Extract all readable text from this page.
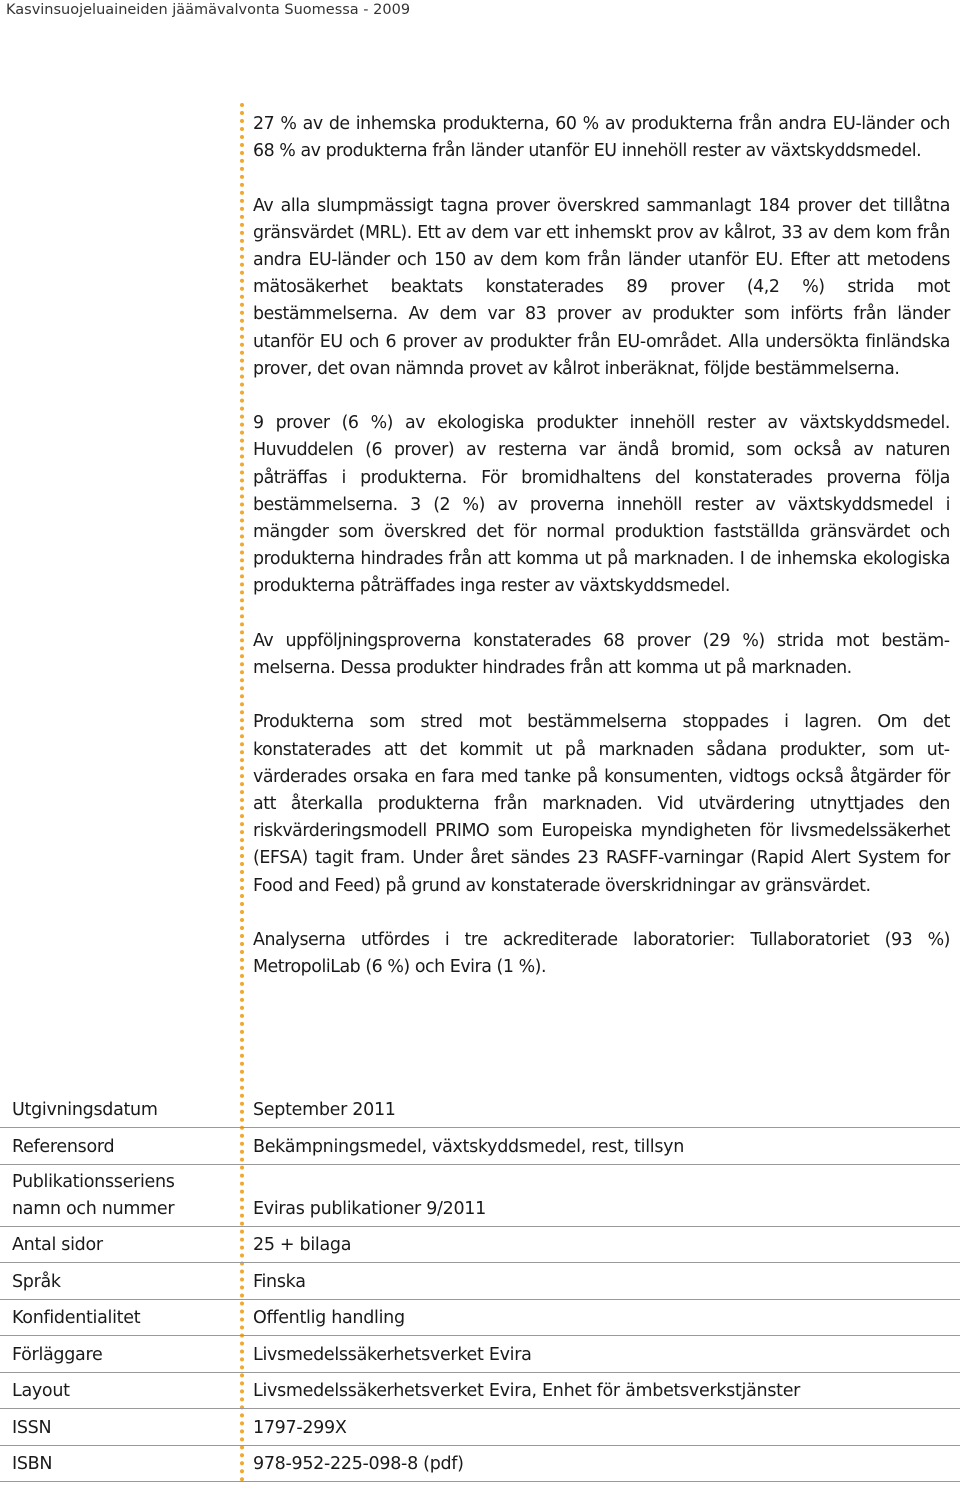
Kasvinsuojeluaineiden jäämävalvonta Suomessa - 2009

27 % av de inhemska produkterna, 60 % av produkterna från andra EU-länder och 68 % av produkterna från länder utanför EU innehöll rester av växtskyddsmedel.

Av alla slumpmässigt tagna prover överskred sammanlagt 184 prover det tillåtna gränsvärdet (MRL). Ett av dem var ett inhemskt prov av kålrot, 33 av dem kom från andra EU-länder och 150 av dem kom från länder utanför EU. Efter att metodens mätosäkerhet beaktats konstaterades 89 prover (4,2 %) strida mot bestämmelserna. Av dem var 83 prover av produkter som införts från länder utanför EU och 6 prover av produkter från EU-området. Alla undersökta finländska prover, det ovan nämnda provet av kålrot inberäknat, följde bestämmelserna.

9 prover (6 %) av ekologiska produkter innehöll rester av växtskyddsmedel. Huvuddelen (6 prover) av resterna var ändå bromid, som också av naturen påträffas i produkterna. För bromidhaltens del konstaterades proverna följa bestämmelserna. 3 (2 %) av proverna innehöll rester av växtskyddsmedel i mängder som överskred det för normal produktion fastställda gränsvärdet och produkterna hindrades från att komma ut på marknaden. I de inhemska ekologiska produkterna påträffades inga rester av växtskyddsmedel.

Av uppföljningsproverna konstaterades 68 prover (29 %) strida mot bestämmelserna. Dessa produkter hindrades från att komma ut på marknaden.

Produkterna som stred mot bestämmelserna stoppades i lagren. Om det konstaterades att det kommit ut på marknaden sådana produkter, som utvärderades orsaka en fara med tanke på konsumenten, vidtogs också åtgärder för att återkalla produkterna från marknaden. Vid utvärdering utnyttjades den riskvärderingsmodell PRIMO som Europeiska myndigheten för livsmedelssäkerhet (EFSA) tagit fram. Under året sändes 23 RASFF-varningar (Rapid Alert System for Food and Feed) på grund av konstaterade överskridningar av gränsvärdet.

Analyserna utfördes i tre ackrediterade laboratorier: Tullaboratoriet (93 %) MetropoliLab (6 %) och Evira (1 %).

Utgivningsdatum	September 2011
Referensord	Bekämpningsmedel, växtskyddsmedel, rest, tillsyn

Publikationsseriens
namn och nummer	Eviras publikationer 9/2011
Antal sidor	25 + bilaga
Språk	Finska
Konfidentialitet	Offentlig handling
Förläggare	Livsmedelssäkerhetsverket Evira
Layout	Livsmedelssäkerhetsverket Evira, Enhet för ämbetsverkstjänster
ISSN	1797-299X
ISBN	978-952-225-098-8 (pdf)
